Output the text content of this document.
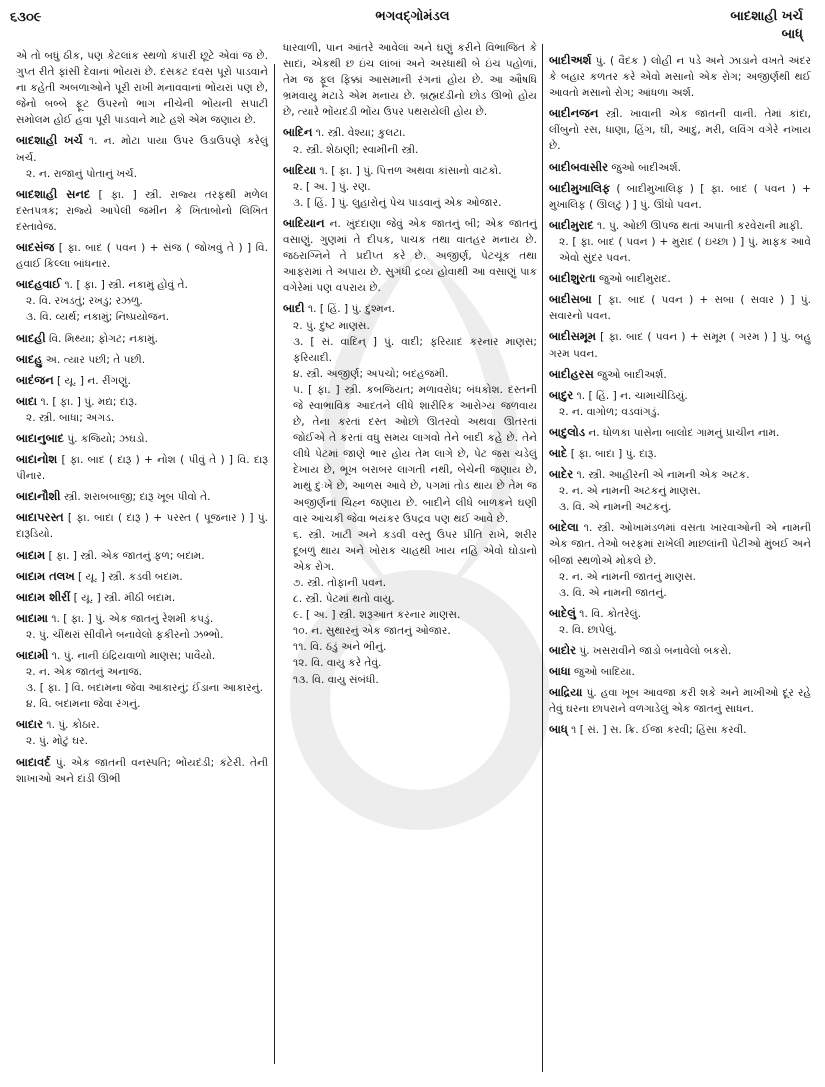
૬૩૦૯	ભગવદ્ગોમંડલ	બાદશાહી ખર્ચ
બાધ્

એ તો બધું ઠીક, પણ કેટલાંક સ્થળો કંપારી છૂટે એવાં જ છે. ગુપ્ત રીતે ફાંસી દેવાનાં ભોંયરાં છે. દસકટ દવસ પૂરો પાડવાને ના કહેતી અબળાઓને પૂરી રાખી મનાવવાનાં ભોંયરાં પણ છે, જેનો બબ્બે ફૂટ ઉપરનો ભાગ નીચેની ભોંયની સપાટી સમોલમ હોઈ હવા પૂરી પાડવાને માટે હશે એમ જણાય છે.

બાદશાહી ખર્ચ ૧. ન. મોટા પાયા ઉપર ઉડાઉપણે કરેલું ખર્ચ.

૨. ન. રાજાનું પોતાનું ખર્ચ.

બાદશાહી સનદ [ ફા. ] સ્ત્રી. રાજ્ય તરફથી મળેલ દસ્તપત્રક; રાજ્યે આપેલી જમીન કે ખિતાબોનો લિખિત દસ્તાવેજ.

બાદસંજ [ ફા. બાદ ( પવન ) + સંજ ( જોખવું તે ) ] વિ. હવાઈ કિલ્લા બાંધનાર.

બાદહવાઈ ૧. [ ફા. ] સ્ત્રી. નકામું હોવું તે.

૨. વિ. રખડતું; રખડુ; રઝળુ.

૩. વિ. વ્યર્થ; નકામું; નિષ્પ્રયોજન.

બાદહી વિ. મિથ્યા; ફોગટ; નકામું.

બાદહુ અ. ત્યાર પછી; તે પછી.

બાદંજન [ યૂ. ] ન. રીંગણું.

બાદા ૧. [ ફા. ] પું. મદ્ય; દારૂ.

૨. સ્ત્રી. બાધા; અગડ.

બાદાનુબાદ પું. કજિયો; ઝઘડો.

બાદાનોશ [ ફા. બાદ ( દારૂ ) + નોશ ( પીવું તે ) ] વિ. દારૂ પીનાર.

બાદાનૌશી સ્ત્રી. શરાબબાજી; દારૂ ખૂબ પીવો તે.

બાદાપરસ્ત [ ફા. બાદા ( દારૂ ) + પરસ્ત ( પૂજનાર ) ] પું. દારૂડિયો.

બાદામ [ ફા. ] સ્ત્રી. એક જાતનું ફળ; બદામ.

બાદામ તલખ [ યૂ. ] સ્ત્રી. કડવી બદામ.

બાદામ શીરીં [ યૂ. ] સ્ત્રી. મીઠી બદામ.

બાદામા ૧. [ ફા. ] પું. એક જાતનું રેશમી કપડું.

૨. પું. ચીંથરાં સીવીને બનાવેલો ફકીરનો ઝભ્ભો.

બાદામી ૧. પું. નાની ઇંદ્રિયવાળો માણસ; પાવૈયો.

૨. ન. એક જાતનું અનાજ.

૩. [ ફા. ] વિ. બદામના જેવા આકારનું; ઈંડાના આકારનું.

૪. વિ. બદામના જેવા રંગનું.

બાદાર ૧. પું. કોઠાર.

૨. પું. મોટું ઘર.

બાદાવર્દ પું. એક જાતની વનસ્પતિ; ભોંયદંડી; કંટેરી. તેની શાખાઓ અને દાંડી ઊભી

ધારવાળી, પાન આંતરે આવેલાં અને ઘણું કરીને વિભાજિત કે સાદાં, એકથી છ ઇંચ લાંબાં અને અરધાથી બે ઇંચ પહોળાં, તેમ જ ફૂલ ફિક્કાં આસમાની રંગનાં હોય છે. આ ઔષધિ ભ્રમવાયુ મટાડે એમ મનાય છે. બ્રહ્મદંડીનો છોડ ઊભો હોય છે, ત્યારે ભોંયદંડી ભોંય ઉપર પથરાયેલી હોય છે.

બાદિન ૧. સ્ત્રી. વેશ્યા; કુલટા.

૨. સ્ત્રી. શેઠાણી; સ્વામીની સ્ત્રી.

બાદિયા ૧. [ ફા. ] પું. પિત્તળ અથવા કાંસાનો વાટકો.

૨. [ અ. ] પું. રણ.

૩. [ હિં. ] પું. લુહારોનું પેચ પાડવાનું એક ઓજાર.

બાદિયાન ન. ખુંદદાણા જેવું એક જાતનું બી; એક જાતનું વસાણું. ગુણમાં તે દીપક, પાચક તથા વાતહર મનાય છે. જઠરાગ્નિને તે પ્રદીપ્ત કરે છે. અજીર્ણ, પેટચૂંક તથા આફરામાં તે અપાય છે. સુગંધી દ્રવ્ય હોવાથી આ વસાણું પાક વગેરેમાં પણ વપરાય છે.

બાદી ૧. [ હિં. ] પું. દુશ્મન.

૨. પું. દુષ્ટ માણસ.

૩. [ સં. વાદિન્ ] પું. વાદી; ફરિયાદ કરનાર માણસ; ફરિયાદી.

૪. સ્ત્રી. અજીર્ણ; અપચો; બદહજમી.

૫. [ ફા. ] સ્ત્રી. કબજિયત; મળાવરોધ; બંધકોશ. દસ્તની જે સ્વાભાવિક આદતને લીધે શારીરિક આરોગ્ય જળવાય છે, તેના કરતાં દસ્ત ઓછો ઊતરવો અથવા ઊતરતાં જોઈએ તે કરતાં વધુ સમય લાગવો તેને બાદી કહે છે. તેને લીધે પેટમાં જાણે ભાર હોય તેમ લાગે છે, પેટ જરા ચડેલું દેખાય છે, ભૂખ બરાબર લાગતી નથી, બેચેની જણાય છે, માથું દુઃખે છે, આળસ આવે છે, પગમાં તોડ થાય છે તેમ જ અજીર્ણનાં ચિહ્ન જણાય છે. બાદીને લીધે બાળકને ઘણી વાર આંચકી જેવા ભયંકર ઉપદ્રવ પણ થઈ આવે છે.

૬. સ્ત્રી. ખાટી અને કડવી વસ્તુ ઉપર પ્રીતિ રાખે, શરીર દૂબળું થાય અને ખોરાક ચાહથી ખાય નહિ એવો ઘોડાનો એક રોગ.

૭. સ્ત્રી. તોફાની પવન.

૮. સ્ત્રી. પેટમાં થતો વાયુ.

૯. [ અ. ] સ્ત્રી. શરૂઆત કરનાર માણસ.

૧૦. ન. સુથારનું એક જાતનું ઓજાર.

૧૧. વિ. ઠંડું અને ભીનું.

૧૨. વિ. વાયુ કરે તેવું.

૧૩. વિ. વાયુ સંબંધી.

બાદીઅર્શ પું. ( વૈદક ) લોહી ન પડે અને ઝાડાને વખતે અંદર કે બહાર કળતર કરે એવો મસાનો એક રોગ; અજીર્ણથી થઈ આવતો મસાનો રોગ; આંધળા અર્શ.

બાદીનજન સ્ત્રી. ખાવાની એક જાતની વાની. તેમાં કાંદા, લીંબુનો રસ, ધાણા, હિંગ, ઘી, આદુ, મરી, લવિંગ વગેરે નખાય છે.

બાદીબવાસીર જુઓ બાદીઅર્શ.

બાદીમુખાલિફ ( બાદીમુખાલિફ ) [ ફા. બાદ ( પવન ) + મુખાલિફ ( ઊલટું ) ] પું. ઊંધો પવન.

બાદીમુરાદ ૧. પું. ઓછી ઊપજ થતાં અપાતી કરવેરાની માફી.

૨. [ ફા. બાદ ( પવન ) + મુરાદ ( ઇચ્છા ) ] પું. માફક આવે એવો સુંદર પવન.

બાદીશુરતા જુઓ બાદીમુરાદ.

બાદીસબા [ ફા. બાદ ( પવન ) + સબા ( સવાર ) ] પું. સવારનો પવન.

બાદીસમૂમ [ ફા. બાદ ( પવન ) + સમૂમ ( ગરમ ) ] પું. બહુ ગરમ પવન.

બાદીહરસ જુઓ બાદીઅર્શ.

બાદુર ૧. [ હિં. ] ન. ચામાચીડિયું.

૨. ન. વાગોળ; વડવાંગડું.

બાદુલોડ ન. ધોળકા પાસેના બાલોદ ગામનું પ્રાચીન નામ.

બાદે [ ફા. બાદા ] પું. દારૂ.

બાદેર ૧. સ્ત્રી. આહીરની એ નામની એક અટક.

૨. ન. એ નામની અટકનું માણસ.

૩. વિ. એ નામની અટકનું.

બાદેલા ૧. સ્ત્રી. ઓખામંડળમાં વસતા ખારવાઓની એ નામની એક જાત. તેઓ બરફમાં રાખેલી માછલાંની પેટીઓ મુંબઈ અને બીજાં સ્થળોએ મોકલે છે.

૨. ન. એ નામની જાતનું માણસ.

૩. વિ. એ નામની જાતનું.

બાદેલું ૧. વિ. કોતરેલું.

૨. વિ. છાપેલું.

બાદોર પું. ખસરાવીને જાડો બનાવેલો બકરો.

બાધા જુઓ બાદિયા.

બાદ્રિયા પું. હવા ખૂબ આવજા કરી શકે અને માખીઓ દૂર રહે તેવું ઘરના છાપરાને વળગાડેલું એક જાતનું સાધન.

બાધ્ ૧ [ સં. ] સ. ક્રિ. ઈજા કરવી; હિંસા કરવી.
